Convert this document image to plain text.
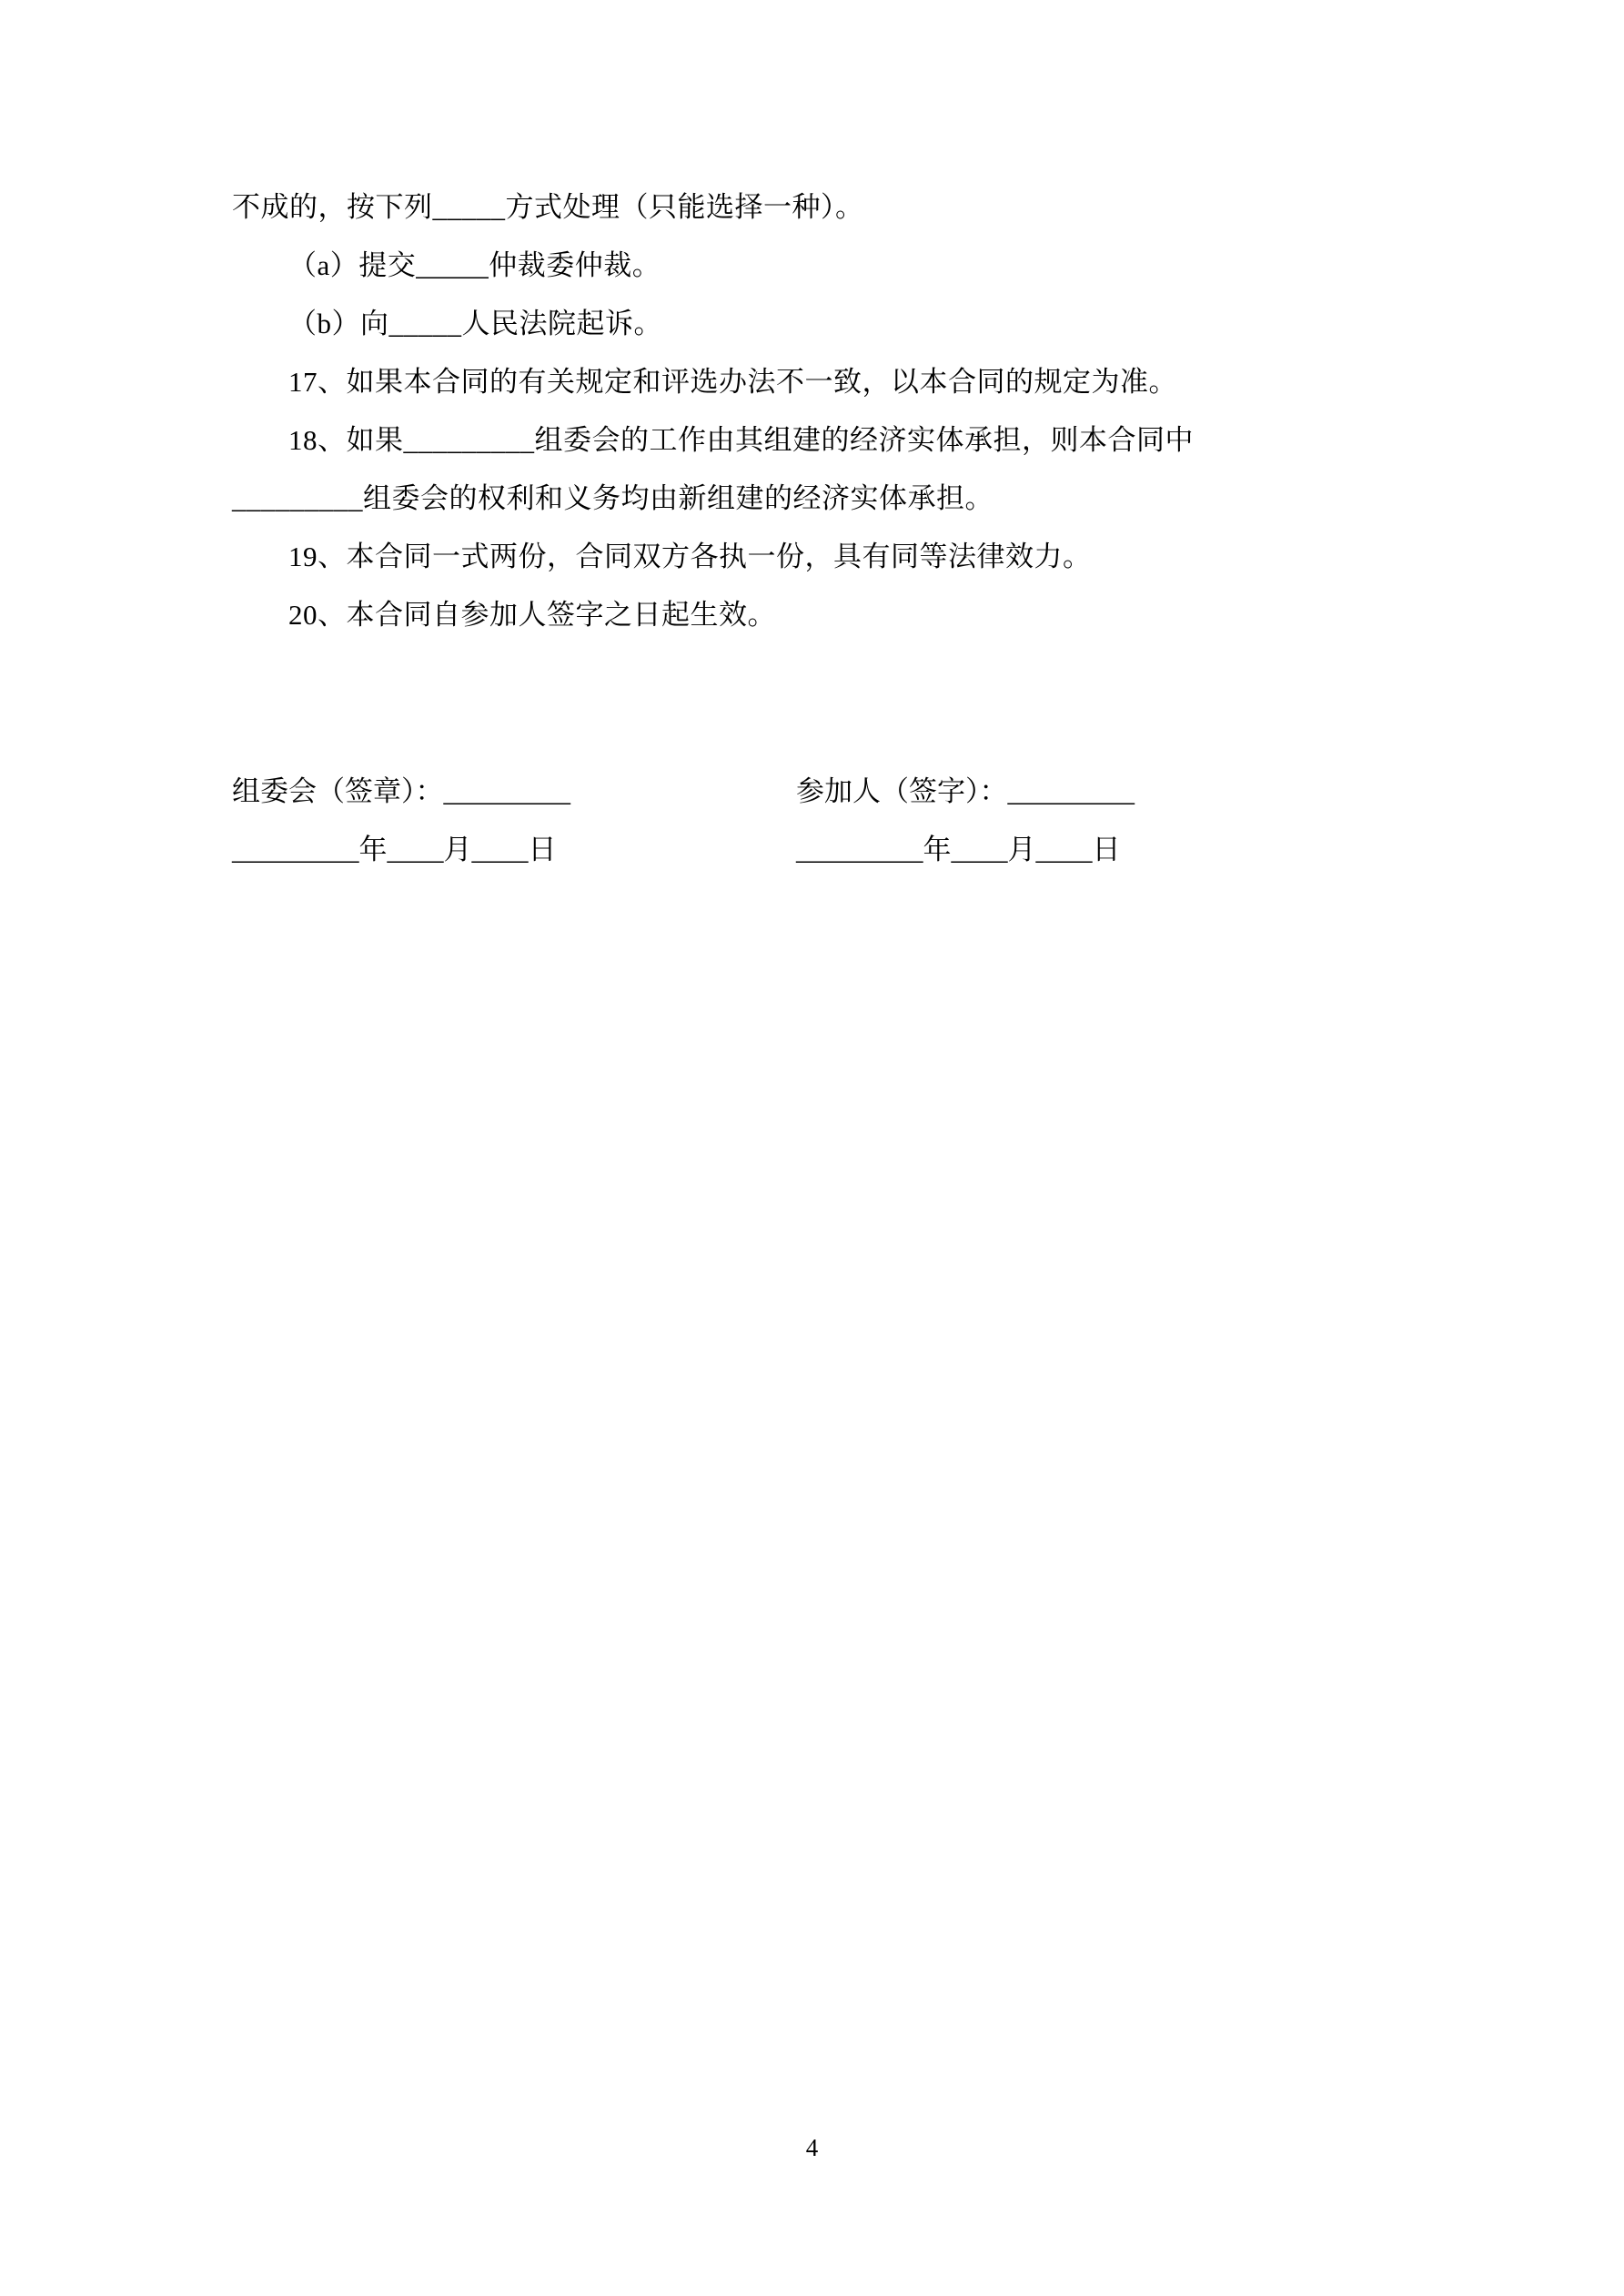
不成的，按下列_____方式处理（只能选择一种）。
（a）提交_____仲裁委仲裁。
（b）向_____人民法院起诉。
17、如果本合同的有关规定和评选办法不一致，以本合同的规定为准。
18、如果_________组委会的工作由其组建的经济实体承担，则本合同中
_________组委会的权利和义务均由新组建的经济实体承担。
19、本合同一式两份，合同双方各执一份，具有同等法律效力。
20、本合同自参加人签字之日起生效。
组委会（签章）：_________	参加人（签字）：_________
_________年____月____日	_________年____月____日
4
